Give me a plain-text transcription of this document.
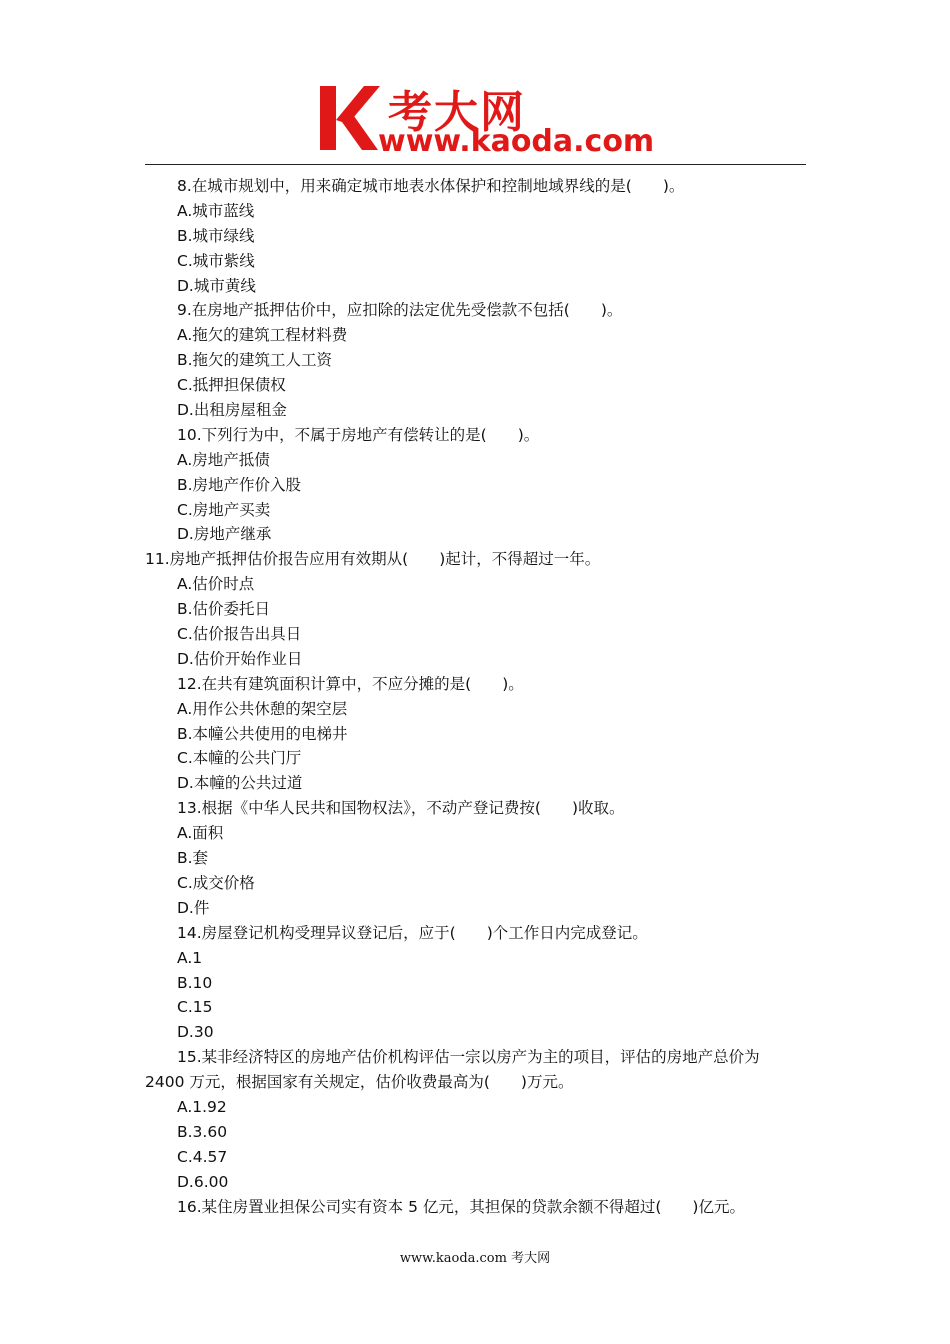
考大网
www.kaoda.com
8.在城市规划中，用来确定城市地表水体保护和控制地域界线的是(　　)。
A.城市蓝线
B.城市绿线
C.城市紫线
D.城市黄线
9.在房地产抵押估价中，应扣除的法定优先受偿款不包括(　　)。
A.拖欠的建筑工程材料费
B.拖欠的建筑工人工资
C.抵押担保债权
D.出租房屋租金
10.下列行为中，不属于房地产有偿转让的是(　　)。
A.房地产抵债
B.房地产作价入股
C.房地产买卖
D.房地产继承
11.房地产抵押估价报告应用有效期从(　　)起计，不得超过一年。
A.估价时点
B.估价委托日
C.估价报告出具日
D.估价开始作业日
12.在共有建筑面积计算中，不应分摊的是(　　)。
A.用作公共休憩的架空层
B.本幢公共使用的电梯井
C.本幢的公共门厅
D.本幢的公共过道
13.根据《中华人民共和国物权法》，不动产登记费按(　　)收取。
A.面积
B.套
C.成交价格
D.件
14.房屋登记机构受理异议登记后，应于(　　)个工作日内完成登记。
A.1
B.10
C.15
D.30
15.某非经济特区的房地产估价机构评估一宗以房产为主的项目，评估的房地产总价为
2400 万元，根据国家有关规定，估价收费最高为(　　)万元。
A.1.92
B.3.60
C.4.57
D.6.00
16.某住房置业担保公司实有资本 5 亿元，其担保的贷款余额不得超过(　　)亿元。
www.kaoda.com 考大网
